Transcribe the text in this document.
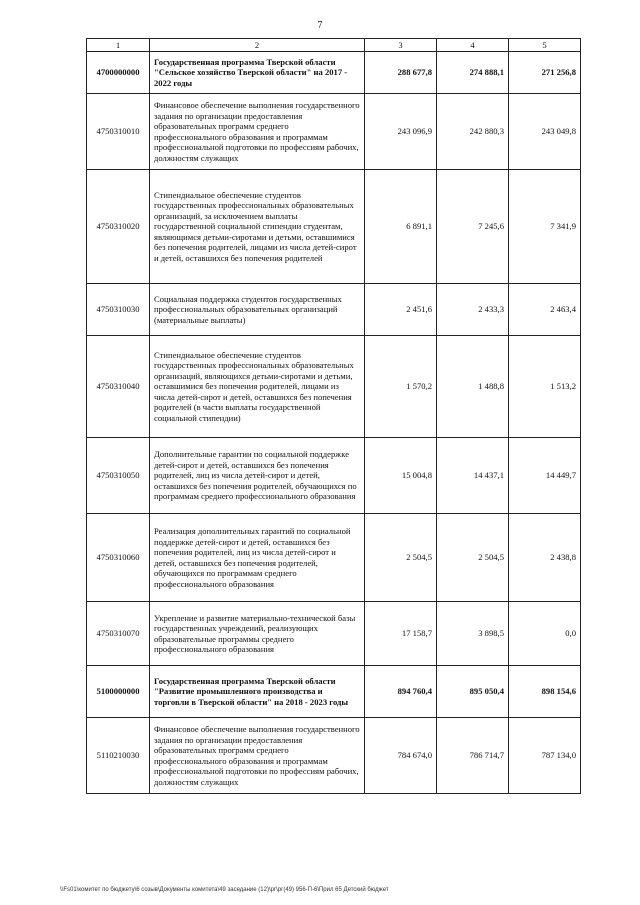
7
1	2	3	4	5
4700000000	Государственная программа Тверской области "Сельское хозяйство Тверской области" на 2017 - 2022 годы	288 677,8	274 888,1	271 256,8
4750310010	Финансовое обеспечение выполнения государственного задания по организации предоставления образовательных программ среднего профессионального образования и программам профессиональной подготовки по профессиям рабочих, должностям служащих	243 096,9	242 880,3	243 049,8
4750310020	Стипендиальное обеспечение студентов государственных профессиональных образовательных организаций, за исключением выплаты государственной социальной стипендии студентам, являющимся детьми-сиротами и детьми, оставшимися без попечения родителей, лицами из числа детей-сирот и детей, оставшихся без попечения родителей	6 891,1	7 245,6	7 341,9
4750310030	Социальная поддержка студентов государственных профессиональных образовательных организаций (материальные выплаты)	2 451,6	2 433,3	2 463,4
4750310040	Стипендиальное обеспечение студентов государственных профессиональных образовательных организаций, являющихся детьми-сиротами и детьми, оставшимися без попечения родителей, лицами из числа детей-сирот и детей, оставшихся без попечения родителей (в части выплаты государственной социальной стипендии)	1 570,2	1 488,8	1 513,2
4750310050	Дополнительные гарантии по социальной поддержке детей-сирот и детей, оставшихся без попечения родителей, лиц из числа детей-сирот и детей, оставшихся без попечения родителей, обучающихся по программам среднего профессионального образования	15 004,8	14 437,1	14 449,7
4750310060	Реализация дополнительных гарантий по социальной поддержке детей-сирот и детей, оставшихся без попечения родителей, лиц из числа детей-сирот и детей, оставшихся без попечения родителей, обучающихся по программам среднего профессионального образования	2 504,5	2 504,5	2 438,8
4750310070	Укрепление и развитие материально-технической базы государственных учреждений, реализующих образовательные программы среднего профессионального образования	17 158,7	3 898,5	0,0
5100000000	Государственная программа Тверской области "Развитие промышленного производства и торговли в Тверской области" на 2018 - 2023 годы	894 760,4	895 050,4	898 154,6
5110210030	Финансовое обеспечение выполнения государственного задания по организации предоставления образовательных программ среднего профессионального образования и программам профессиональной подготовки по профессиям рабочих, должностям служащих	784 674,0	786 714,7	787 134,0
\\Fs01\комитет по бюджету\6 созыв\Документы комитета\49 заседание (12)\рг\рг(49) 956-П-6\Прил 65 Детский бюджет
